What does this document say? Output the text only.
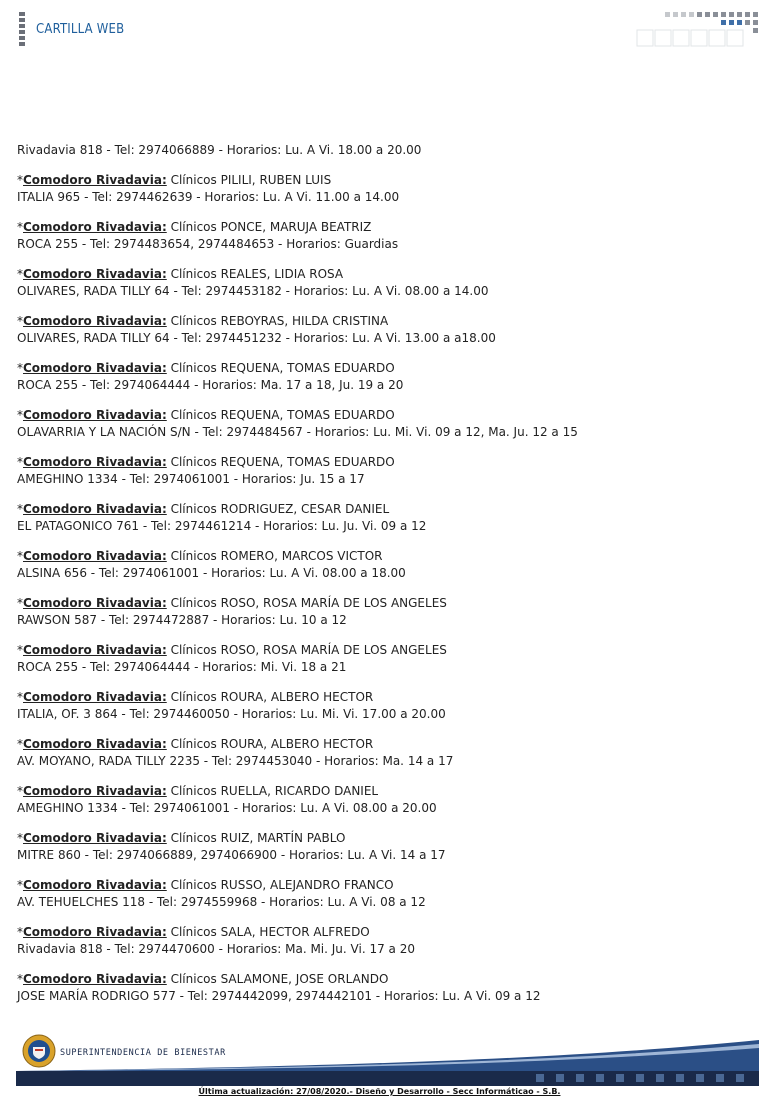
CARTILLA WEB
Rivadavia 818 - Tel: 2974066889 - Horarios: Lu. A Vi. 18.00 a 20.00
*Comodoro Rivadavia: Clínicos PILILI, RUBEN LUIS
ITALIA 965 - Tel: 2974462639 - Horarios: Lu. A Vi. 11.00 a 14.00
*Comodoro Rivadavia: Clínicos PONCE, MARUJA BEATRIZ
ROCA 255 - Tel: 2974483654, 2974484653 - Horarios: Guardias
*Comodoro Rivadavia: Clínicos REALES, LIDIA ROSA
OLIVARES, RADA TILLY 64 - Tel: 2974453182 - Horarios: Lu. A Vi. 08.00 a 14.00
*Comodoro Rivadavia: Clínicos REBOYRAS, HILDA CRISTINA
OLIVARES, RADA TILLY 64 - Tel: 2974451232 - Horarios: Lu. A Vi. 13.00 a a18.00
*Comodoro Rivadavia: Clínicos REQUENA, TOMAS EDUARDO
ROCA 255 - Tel: 2974064444 - Horarios: Ma. 17 a 18, Ju. 19 a 20
*Comodoro Rivadavia: Clínicos REQUENA, TOMAS EDUARDO
OLAVARRIA Y LA NACIÓN S/N - Tel: 2974484567 - Horarios: Lu. Mi. Vi. 09 a 12, Ma. Ju. 12 a 15
*Comodoro Rivadavia: Clínicos REQUENA, TOMAS EDUARDO
AMEGHINO 1334 - Tel: 2974061001 - Horarios: Ju. 15 a 17
*Comodoro Rivadavia: Clínicos RODRIGUEZ, CESAR DANIEL
EL PATAGONICO 761 - Tel: 2974461214 - Horarios: Lu. Ju. Vi. 09 a 12
*Comodoro Rivadavia: Clínicos ROMERO, MARCOS VICTOR
ALSINA 656 - Tel: 2974061001 - Horarios: Lu. A Vi. 08.00 a 18.00
*Comodoro Rivadavia: Clínicos ROSO, ROSA MARÍA DE LOS ANGELES
RAWSON 587 - Tel: 2974472887 - Horarios: Lu. 10 a 12
*Comodoro Rivadavia: Clínicos ROSO, ROSA MARÍA DE LOS ANGELES
ROCA 255 - Tel: 2974064444 - Horarios: Mi. Vi. 18 a 21
*Comodoro Rivadavia: Clínicos ROURA, ALBERO HECTOR
ITALIA, OF. 3 864 - Tel: 2974460050 - Horarios: Lu. Mi. Vi. 17.00 a 20.00
*Comodoro Rivadavia: Clínicos ROURA, ALBERO HECTOR
AV. MOYANO, RADA TILLY 2235 - Tel: 2974453040 - Horarios: Ma. 14 a 17
*Comodoro Rivadavia: Clínicos RUELLA, RICARDO DANIEL
AMEGHINO 1334 - Tel: 2974061001 - Horarios: Lu. A Vi. 08.00 a 20.00
*Comodoro Rivadavia: Clínicos RUIZ, MARTÍN PABLO
MITRE 860 - Tel: 2974066889, 2974066900 - Horarios: Lu. A Vi. 14 a 17
*Comodoro Rivadavia: Clínicos RUSSO, ALEJANDRO FRANCO
AV. TEHUELCHES 118 - Tel: 2974559968 - Horarios: Lu. A Vi. 08 a 12
*Comodoro Rivadavia: Clínicos SALA, HECTOR ALFREDO
Rivadavia 818 - Tel: 2974470600 - Horarios: Ma. Mi. Ju. Vi. 17 a 20
*Comodoro Rivadavia: Clínicos SALAMONE, JOSE ORLANDO
JOSE MARÍA RODRIGO 577 - Tel: 2974442099, 2974442101 - Horarios: Lu. A Vi. 09 a 12
SUPERINTENDENCIA DE BIENESTAR
Última actualización: 27/08/2020.- Diseño y Desarrollo - Secc Informáticao - S.B.
